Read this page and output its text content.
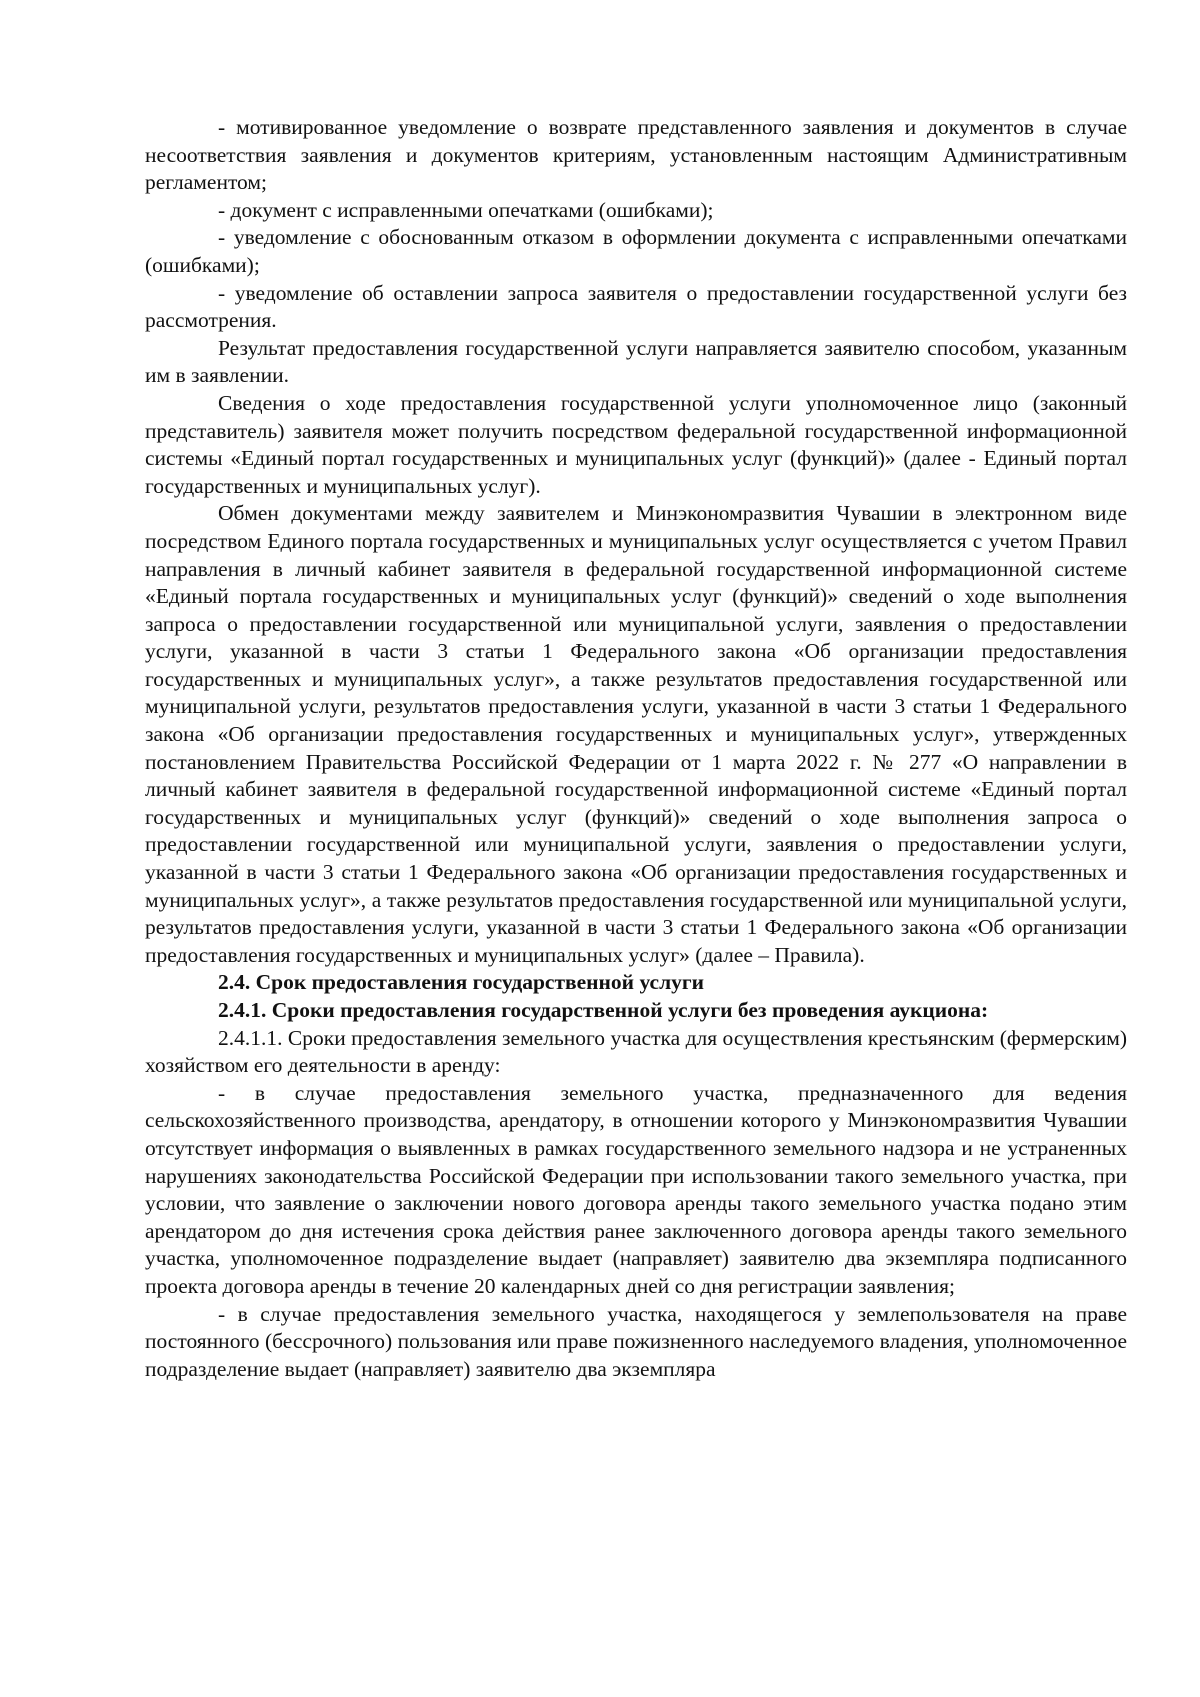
- мотивированное уведомление о возврате представленного заявления и документов в случае несоответствия заявления и документов критериям, установленным настоящим Административным регламентом;

- документ с исправленными опечатками (ошибками);

- уведомление с обоснованным отказом в оформлении документа с исправленными опечатками (ошибками);

- уведомление об оставлении запроса заявителя о предоставлении государственной услуги без рассмотрения.

Результат предоставления государственной услуги направляется заявителю способом, указанным им в заявлении.

Сведения о ходе предоставления государственной услуги уполномоченное лицо (законный представитель) заявителя может получить посредством федеральной государственной информационной системы «Единый портал государственных и муниципальных услуг (функций)» (далее - Единый портал государственных и муниципальных услуг).

Обмен документами между заявителем и Минэкономразвития Чувашии в электронном виде посредством Единого портала государственных и муниципальных услуг осуществляется с учетом Правил направления в личный кабинет заявителя в федеральной государственной информационной системе «Единый портала государственных и муниципальных услуг (функций)» сведений о ходе выполнения запроса о предоставлении государственной или муниципальной услуги, заявления о предоставлении услуги, указанной в части 3 статьи 1 Федерального закона «Об организации предоставления государственных и муниципальных услуг», а также результатов предоставления государственной или муниципальной услуги, результатов предоставления услуги, указанной в части 3 статьи 1 Федерального закона «Об организации предоставления государственных и муниципальных услуг», утвержденных постановлением Правительства Российской Федерации от 1 марта 2022 г. № 277 «О направлении в личный кабинет заявителя в федеральной государственной информационной системе «Единый портал государственных и муниципальных услуг (функций)» сведений о ходе выполнения запроса о предоставлении государственной или муниципальной услуги, заявления о предоставлении услуги, указанной в части 3 статьи 1 Федерального закона «Об организации предоставления государственных и муниципальных услуг», а также результатов предоставления государственной или муниципальной услуги, результатов предоставления услуги, указанной в части 3 статьи 1 Федерального закона «Об организации предоставления государственных и муниципальных услуг» (далее – Правила).

2.4. Срок предоставления государственной услуги

2.4.1. Сроки предоставления государственной услуги без проведения аукциона:

2.4.1.1. Сроки предоставления земельного участка для осуществления крестьянским (фермерским) хозяйством его деятельности в аренду:

- в случае предоставления земельного участка, предназначенного для ведения сельскохозяйственного производства, арендатору, в отношении которого у Минэкономразвития Чувашии отсутствует информация о выявленных в рамках государственного земельного надзора и не устраненных нарушениях законодательства Российской Федерации при использовании такого земельного участка, при условии, что заявление о заключении нового договора аренды такого земельного участка подано этим арендатором до дня истечения срока действия ранее заключенного договора аренды такого земельного участка, уполномоченное подразделение выдает (направляет) заявителю два экземпляра подписанного проекта договора аренды в течение 20 календарных дней со дня регистрации заявления;

- в случае предоставления земельного участка, находящегося у землепользователя на праве постоянного (бессрочного) пользования или праве пожизненного наследуемого владения, уполномоченное подразделение выдает (направляет) заявителю два экземпляра
